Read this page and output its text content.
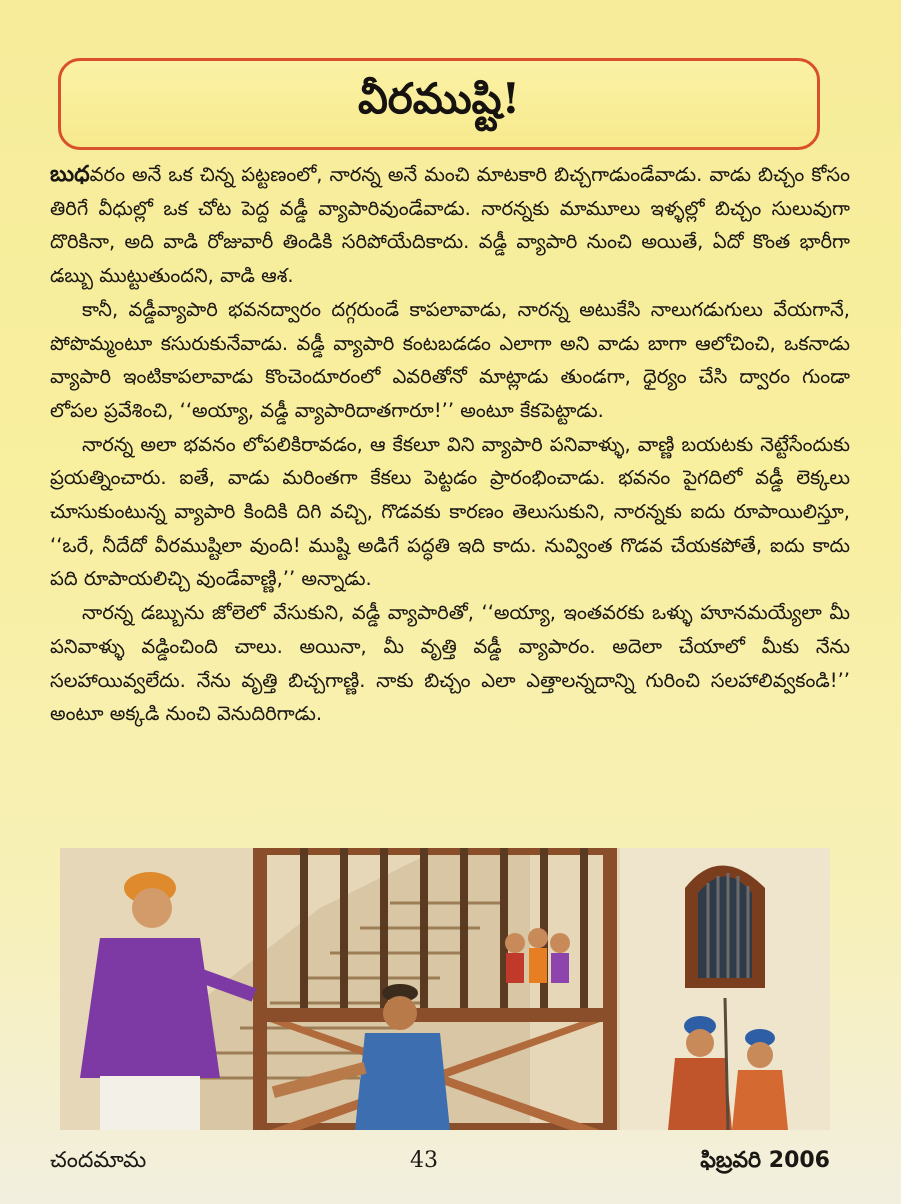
వీరముష్టి!

బుధవరం అనే ఒక చిన్న పట్టణంలో, నారన్న అనే మంచి మాటకారి బిచ్చగాడుండేవాడు. వాడు బిచ్చం కోసం తిరిగే వీధుల్లో ఒక చోట పెద్ద వడ్డీ వ్యాపారివుండేవాడు. నారన్నకు మామూలు ఇళ్ళల్లో బిచ్చం సులువుగా దొరికినా, అది వాడి రోజువారీ తిండికి సరిపోయేదికాదు. వడ్డీ వ్యాపారి నుంచి అయితే, ఏదో కొంత భారీగా డబ్బు ముట్టుతుందని, వాడి ఆశ.

కానీ, వడ్డీవ్యాపారి భవనద్వారం దగ్గరుండే కాపలావాడు, నారన్న అటుకేసి నాలుగడుగులు వేయగానే, పోపొమ్మంటూ కసురుకునేవాడు. వడ్డీ వ్యాపారి కంటబడడం ఎలాగా అని వాడు బాగా ఆలోచించి, ఒకనాడు వ్యాపారి ఇంటికాపలావాడు కొంచెందూరంలో ఎవరితోనో మాట్లాడు తుండగా, ధైర్యం చేసి ద్వారం గుండా లోపల ప్రవేశించి, ‘‘అయ్యా, వడ్డీ వ్యాపారిదాతగారూ!’’ అంటూ కేకపెట్టాడు.

నారన్న అలా భవనం లోపలికిరావడం, ఆ కేకలూ విని వ్యాపారి పనివాళ్ళు, వాణ్ణి బయటకు నెట్టేసేందుకు ప్రయత్నించారు. ఐతే, వాడు మరింతగా కేకలు పెట్టడం ప్రారంభించాడు. భవనం పైగదిలో వడ్డీ లెక్కలు చూసుకుంటున్న వ్యాపారి కిందికి దిగి వచ్చి, గొడవకు కారణం తెలుసుకుని, నారన్నకు ఐదు రూపాయిలిస్తూ, ‘‘ఒరే, నీదేదో వీరముష్టిలా వుంది! ముష్టి అడిగే పద్ధతి ఇది కాదు. నువ్వింత గొడవ చేయకపోతే, ఐదు కాదు పది రూపాయలిచ్చి వుండేవాణ్ణి,’’ అన్నాడు.

నారన్న డబ్బును జోలెలో వేసుకుని, వడ్డీ వ్యాపారితో, ‘‘అయ్యా, ఇంతవరకు ఒళ్ళు హూనమయ్యేలా మీ పనివాళ్ళు వడ్డించింది చాలు. అయినా, మీ వృత్తి వడ్డీ వ్యాపారం. అదెలా చేయాలో మీకు నేను సలహాయివ్వలేదు. నేను వృత్తి బిచ్చగాణ్ణి. నాకు బిచ్చం ఎలా ఎత్తాలన్నదాన్ని గురించి సలహాలివ్వకండి!’’ అంటూ అక్కడి నుంచి వెనుదిరిగాడు.

చందమామ	43	ఫిబ్రవరి 2006
